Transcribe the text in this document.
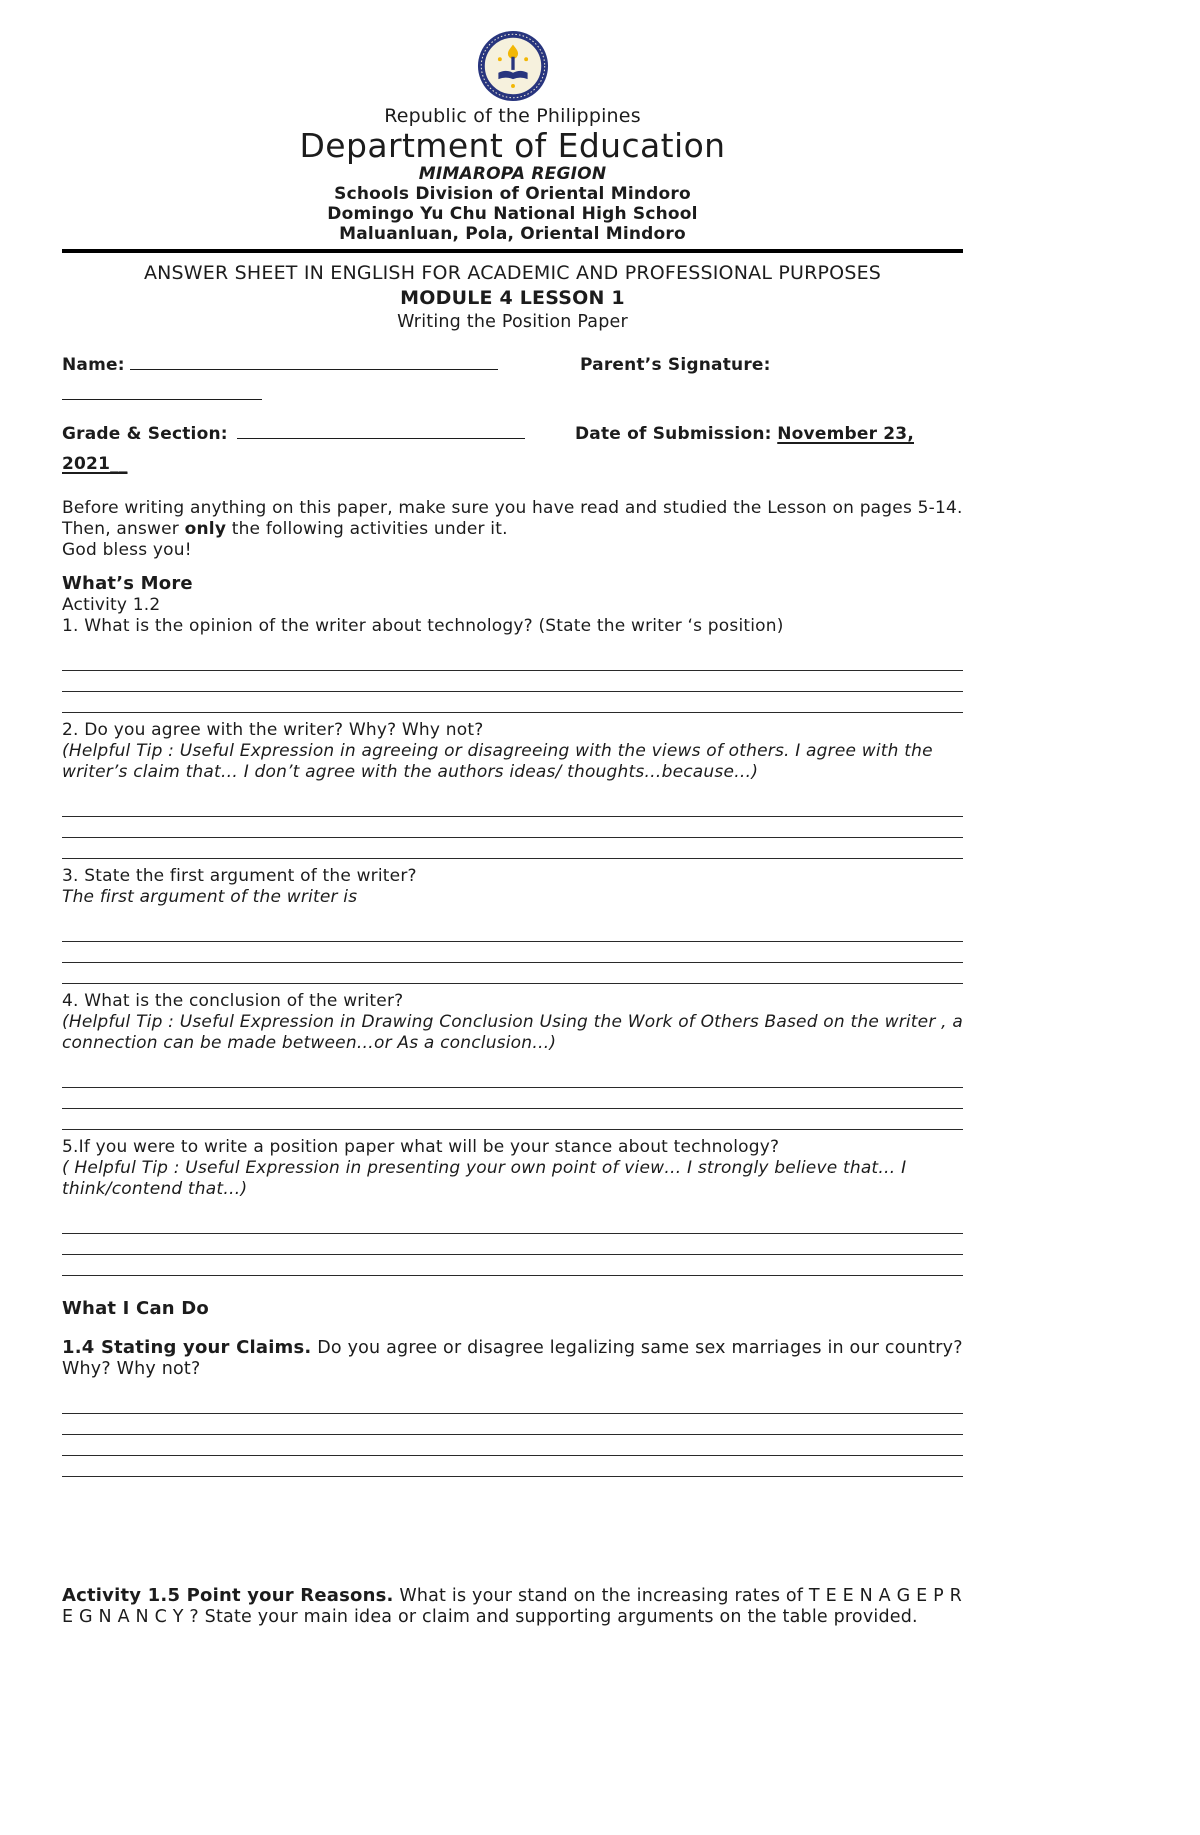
Republic of the Philippines
Department of Education
MIMAROPA REGION
Schools Division of Oriental Mindoro
Domingo Yu Chu National High School
Maluanluan, Pola, Oriental Mindoro
ANSWER SHEET IN ENGLISH FOR ACADEMIC AND PROFESSIONAL PURPOSES
MODULE 4 LESSON 1
Writing the Position Paper
Name:	Parent’s Signature:
Grade & Section:	Date of Submission: November 23,
2021__

Before writing anything on this paper, make sure you have read and studied the Lesson on pages 5-14. Then, answer only the following activities under it.

God bless you!

What’s More

Activity 1.2

1. What is the opinion of the writer about technology? (State the writer ‘s position)

2. Do you agree with the writer? Why? Why not?

(Helpful Tip : Useful Expression in agreeing or disagreeing with the views of others. I agree with the writer’s claim that… I don’t agree with the authors ideas/ thoughts…because…)

3. State the first argument of the writer?

The first argument of the writer is

4. What is the conclusion of the writer?

(Helpful Tip : Useful Expression in Drawing Conclusion Using the Work of Others Based on the writer , a connection can be made between…or As a conclusion…)

5.If you were to write a position paper what will be your stance about technology?

( Helpful Tip : Useful Expression in presenting your own point of view… I strongly believe that… I think/contend that…)

What I Can Do

1.4 Stating your Claims. Do you agree or disagree legalizing same sex marriages in our country? Why? Why not?

Activity 1.5 Point your Reasons. What is your stand on the increasing rates of T E E N A G E P R E G N A N C Y ? State your main idea or claim and supporting arguments on the table provided.
